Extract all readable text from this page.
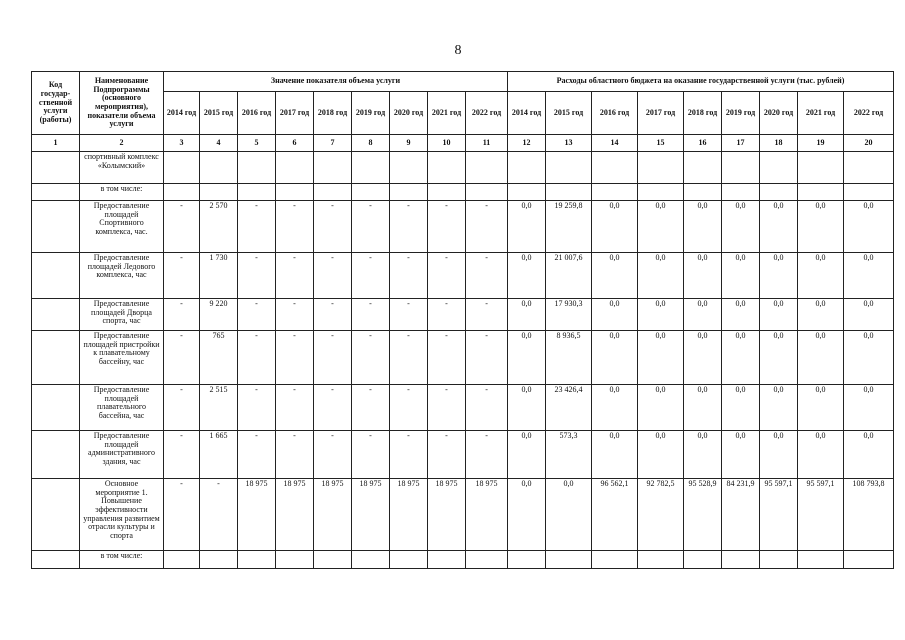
8
Код государ-ственной услуги (работы)	Наименование Подпрограммы (основного мероприятия), показатели объема услуги	Значение показателя объема услуги									Расходы областного бюджета на оказание государственной услуги (тыс. рублей)								
		2014 год	2015 год	2016 год	2017 год	2018 год	2019 год	2020 год	2021 год	2022 год	2014 год	2015 год	2016 год	2017 год	2018 год	2019 год	2020 год	2021 год	2022 год
1	2	3	4	5	6	7	8	9	10	11	12	13	14	15	16	17	18	19	20
	спортивный комплекс «Колымский»																		
	в том числе:																		
	Предоставление площадей Спортивного комплекса, час.	-	2 570	-	-	-	-	-	-	-	0,0	19 259,8	0,0	0,0	0,0	0,0	0,0	0,0	0,0
	Предоставление площадей Ледового комплекса, час	-	1 730	-	-	-	-	-	-	-	0,0	21 007,6	0,0	0,0	0,0	0,0	0,0	0,0	0,0
	Предоставление площадей Дворца спорта, час	-	9 220	-	-	-	-	-	-	-	0,0	17 930,3	0,0	0,0	0,0	0,0	0,0	0,0	0,0
	Предоставление площадей пристройки к плавательному бассейну, час	-	765	-	-	-	-	-	-	-	0,0	8 936,5	0,0	0,0	0,0	0,0	0,0	0,0	0,0
	Предоставление площадей плавательного бассейна, час	-	2 515	-	-	-	-	-	-	-	0,0	23 426,4	0,0	0,0	0,0	0,0	0,0	0,0	0,0
	Предоставление площадей административного здания, час	-	1 665	-	-	-	-	-	-	-	0,0	573,3	0,0	0,0	0,0	0,0	0,0	0,0	0,0
	Основное мероприятие 1. Повышение эффективности управления развитием отрасли культуры и спорта	-	-	18 975	18 975	18 975	18 975	18 975	18 975	18 975	0,0	0,0	96 562,1	92 782,5	95 528,9	84 231,9	95 597,1	95 597,1	108 793,8
	в том числе:																		
